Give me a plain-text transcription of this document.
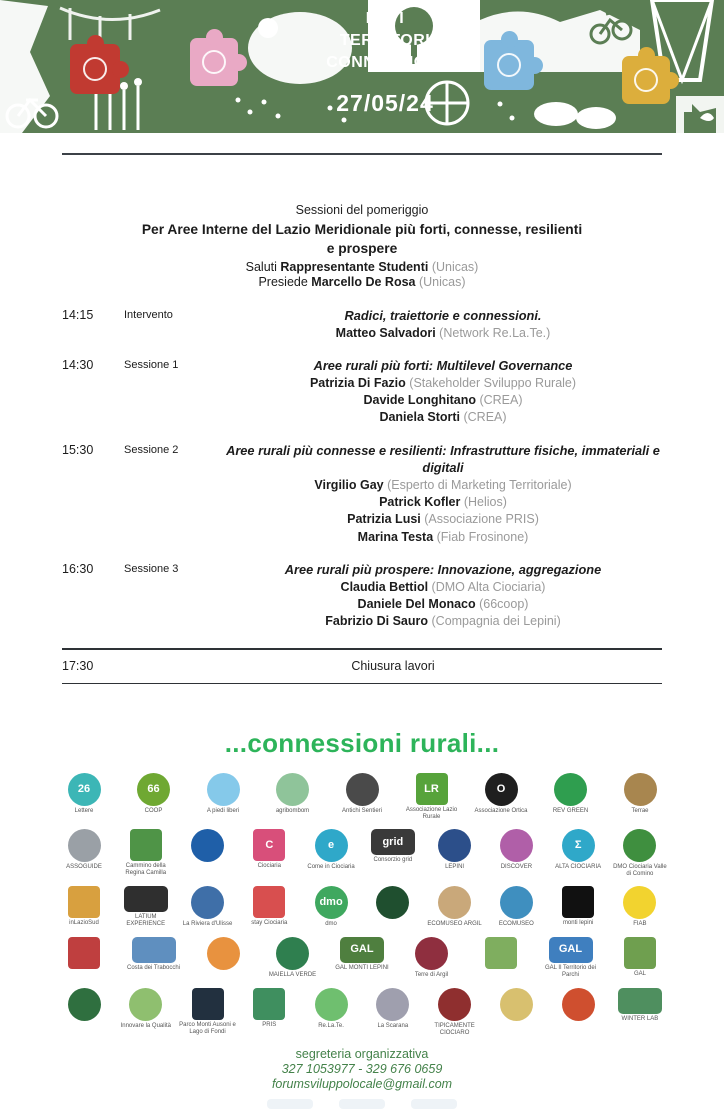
RETI
TERRITORI
CONNESSIONI
27/05/24
Sessioni del pomeriggio
Per Aree Interne del Lazio Meridionale più forti, connesse, resilienti e prospere
Saluti Rappresentante Studenti (Unicas)
Presiede Marcello De Rosa (Unicas)
14:15	Intervento	Radici, traiettorie e connessioni.
Matteo Salvadori (Network Re.La.Te.)
14:30	Sessione 1	Aree rurali più forti: Multilevel Governance
Patrizia Di Fazio (Stakeholder Sviluppo Rurale)
Davide Longhitano (CREA)
Daniela Storti (CREA)
15:30	Sessione 2	Aree rurali più connesse e resilienti: Infrastrutture fisiche, immateriali e digitali
Virgilio Gay (Esperto di Marketing Territoriale)
Patrick Kofler (Helios)
Patrizia Lusi (Associazione PRIS)
Marina Testa (Fiab Frosinone)
16:30	Sessione 3	Aree rurali più prospere: Innovazione, aggregazione
Claudia Bettiol (DMO Alta Ciociaria)
Daniele Del Monaco (66coop)
Fabrizio Di Sauro (Compagnia dei Lepini)
17:30	Chiusura lavori
...connessioni rurali...
26
Lettere
66
COOP	A piedi liberi	agribombom	Antichi Sentieri
LR
Associazione Lazio Rurale
O
Associazione Ortica	REV GREEN	Terrae
ASSOGUIDE	Cammino della Regina Camilla
C
Ciociaria
e
Come in Ciociaria
grid
Consorzio grid
LEPINI	DISCOVER
Σ
ALTA CIOCIARIA	DMO Ciociaria Valle di Comino
inLazioSud
LATIUM EXPERIENCE	La Riviera d'Ulisse	stay Ciociaria
dmo
dmo	ECOMUSEO ARGIL	ECOMUSEO	monti lepini	FIAB
Costa dei Trabocchi
MAIELLA VERDE
GAL
GAL MONTI LEPINI
Terre di Argil
GAL
GAL Il Territorio dei Parchi	GAL
Innovare la Qualità	Parco Monti Ausoni e Lago di Fondi
PRIS	Re.La.Te.	La Scarana	TIPICAMENTE CIOCIARO
WINTER LAB
segreteria organizzativa
327 1053977 - 329 676 0659
forumsviluppolocale@gmail.com
